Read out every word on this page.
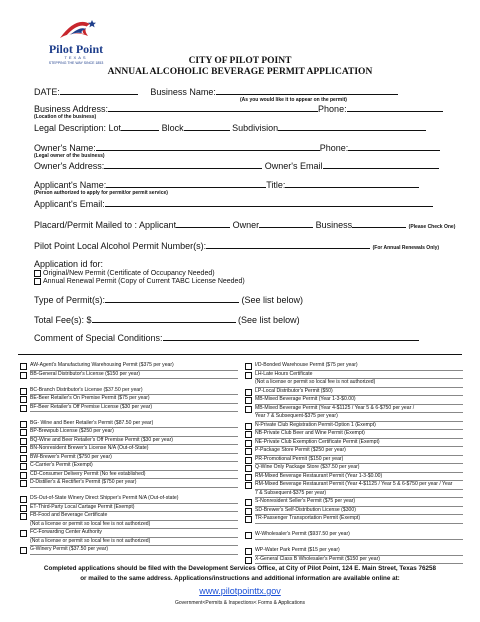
Pilot Point
TEXAS
STEPPING THE WAY SINCE 1853	CITY OF PILOT POINT
ANNUAL ALCOHOLIC BEVERAGE PERMIT APPLICATION
DATE:	Business Name:
(As you would like it to appear on the permit)
Business Address:	Phone:
(Location of the business)
Legal Description: Lot	Block	Subdivision
Owner's Name:	Phone:
(Legal owner of the business)
Owner's Address:	Owner's Email
Applicant's Name:	Title:
(Person authorized to apply for permit/or permit service)
Applicant's Email:
Placard/Permit Mailed to : Applicant	Owner	Business	(Please Check One)
Pilot Point Local Alcohol Permit Number(s):	(For Annual Renewals Only)
Application id for:
Original/New Permit (Certificate of Occupancy Needed)
Annual Renewal Permit (Copy of Current TABC License Needed)
Type of Permit(s):	(See list below)
Total Fee(s): $	(See list below)
Comment of Special Conditions:
AW-Agent's Manufacturing Warehousing Permit ($375 per year)
BB-General Distributor's License ($150 per year)
BC-Branch Distributor's License ($37.50 per year)
BE-Beer Retailer's On Premise Permit ($75 per year)
BF-Beer Retailer's Off Premise License ($30 per year)
BG- Wine and Beer Retailer's Permit ($87.50 per year)
BP-Brewpub License ($250 per year)
BQ-Wine and Beer Retailer's Off Premise Permit ($30 per year)
BN-Nonresident Brewer's License N/A (Out-of-State)
BW-Brewer's Permit ($750 per year)
C-Carrier's Permit (Exempt)
CD-Consumer Delivery Permit (No fee established)
D-Distiller's & Rectifier's Permit ($750 per year)
DS-Out-of-State Winery Direct Shipper's Permit N/A (Out-of-state)
ET-Third-Party Local Cartage Permit (Exempt)
FB-Food and Beverage Certificate
(Not a license or permit so local fee is not authorized)
FC-Forwarding Center Authority
(Not a license or permit so local fee is not authorized)
G-Winery Permit ($37.50 per year)
I/D-Bonded Warehouse Permit ($75 per year)
LH-Late Hours Certificate
(Not a license or permit so local fee is not authorized)
LP-Local Distributor's Permit ($50)
MB-Mixed Beverage Permit (Year 1-3-$0.00)
MB-Mixed Beverage Permit (Year 4-$1125 / Year 5 & 6-$750 per year /
Year 7 & Subsequent-$375 per year)
N-Private Club Registration Permit-Option 1 (Exempt)
NB-Private Club Beer and Wine Permit (Exempt)
NE-Private Club Exemption Certificate Permit (Exempt)
P-Package Store Permit ($250 per year)
PR-Promotional Permit ($150 per year)
Q-Wine Only Package Store ($37.50 per year)
RM-Mixed Beverage Restaurant Permit (Year 1-3-$0.00)
RM-Mixed Beverage Restaurant Permit (Year 4-$1125 / Year 5 & 6-$750 per year / Year
7 & Subsequent-$375 per year)
S-Nonresident Seller's Permit ($75 per year)
SD-Brewer's Self-Distribution License ($300)
TR-Passenger Transportation Permit (Exempt)
W-Wholesaler's Permit ($937.50 per year)
WP-Water Park Permit ($15 per year)
X-General Class B Wholesaler's Permit ($150 per year)
Completed applications should be filed with the Development Services Office, at City of Pilot Point, 124 E. Main Street, Texas 76258
or mailed to the same address. Applications/instructions and additional information are available online at:
www.pilotpointtx.gov
Government<Permits & Inspections< Forms & Applications
